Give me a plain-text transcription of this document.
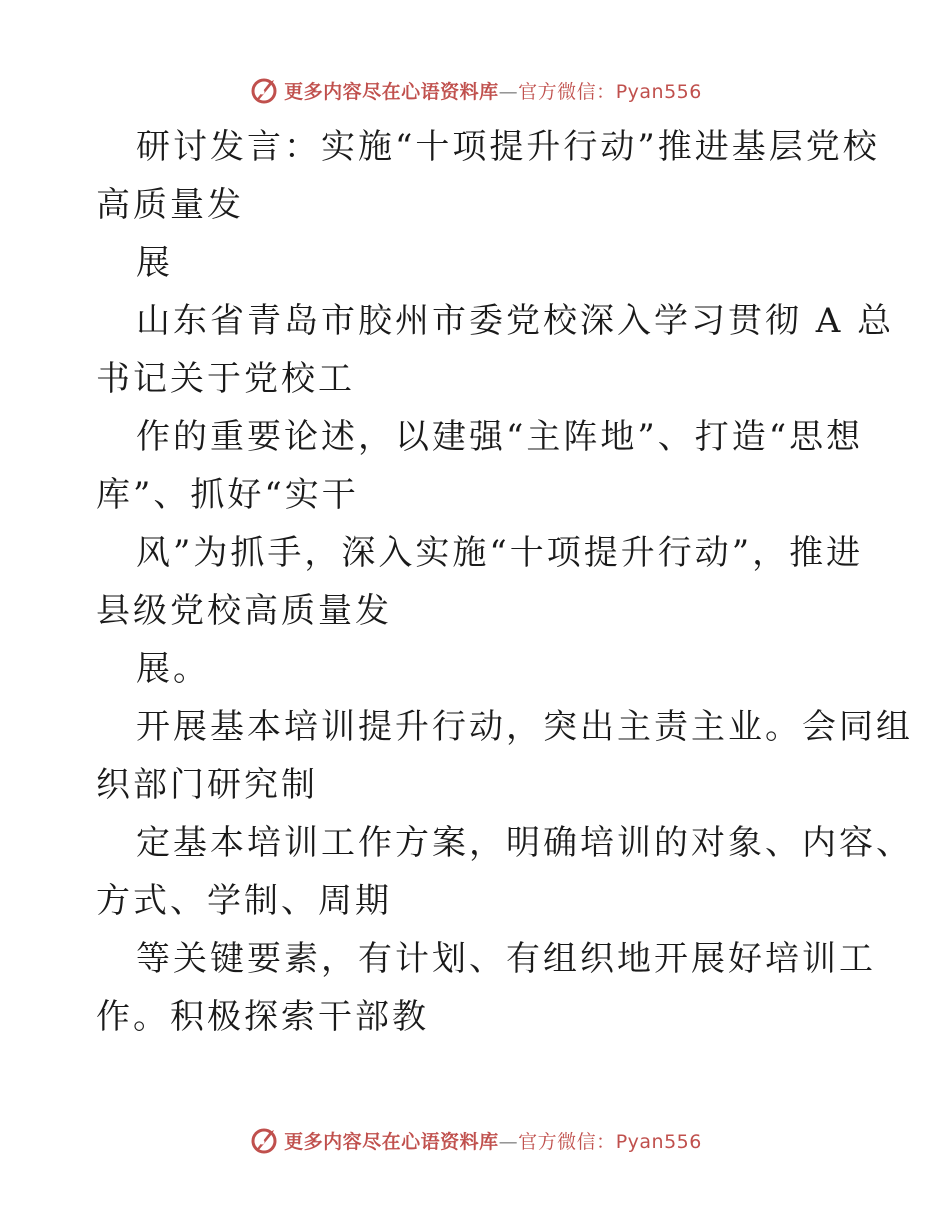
更多内容尽在心语资料库—官方微信：Pyan556
研讨发言：实施“十项提升行动”推进基层党校
高质量发
展
山东省青岛市胶州市委党校深入学习贯彻 A 总
书记关于党校工
作的重要论述，以建强“主阵地”、打造“思想
库”、抓好“实干
风”为抓手，深入实施“十项提升行动”，推进
县级党校高质量发
展。
开展基本培训提升行动，突出主责主业。会同组
织部门研究制
定基本培训工作方案，明确培训的对象、内容、
方式、学制、周期
等关键要素，有计划、有组织地开展好培训工
作。积极探索干部教
更多内容尽在心语资料库—官方微信：Pyan556
